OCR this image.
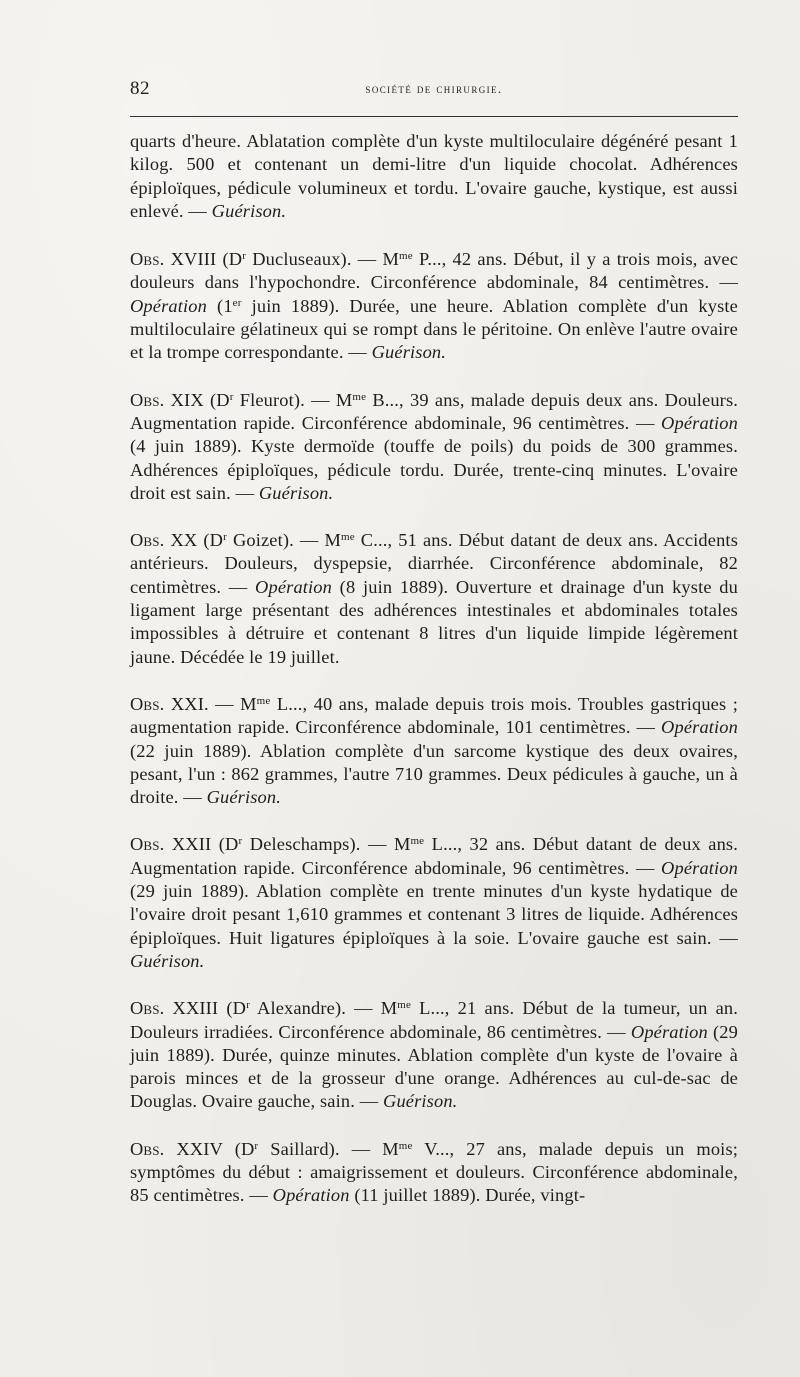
82	société de chirurgie.

quarts d'heure. Ablatation complète d'un kyste multiloculaire dégénéré pesant 1 kilog. 500 et contenant un demi-litre d'un liquide chocolat. Adhérences épiploïques, pédicule volumineux et tordu. L'ovaire gauche, kystique, est aussi enlevé. — Guérison.

Obs. XVIII ($D^r$ Ducluseaux). — $M^{me}$ P..., 42 ans. Début, il y a trois mois, avec douleurs dans l'hypochondre. Circonférence abdominale, 84 centimètres. — Opération (1er juin 1889). Durée, une heure. Ablation complète d'un kyste multiloculaire gélatineux qui se rompt dans le péritoine. On enlève l'autre ovaire et la trompe correspondante. — Guérison.

Obs. XIX ($D^r$ Fleurot). — $M^{me}$ B..., 39 ans, malade depuis deux ans. Douleurs. Augmentation rapide. Circonférence abdominale, 96 centimètres. — Opération (4 juin 1889). Kyste dermoïde (touffe de poils) du poids de 300 grammes. Adhérences épiploïques, pédicule tordu. Durée, trente-cinq minutes. L'ovaire droit est sain. — Guérison.

Obs. XX ($D^r$ Goizet). — $M^{me}$ C..., 51 ans. Début datant de deux ans. Accidents antérieurs. Douleurs, dyspepsie, diarrhée. Circonférence abdominale, 82 centimètres. — Opération (8 juin 1889). Ouverture et drainage d'un kyste du ligament large présentant des adhérences intestinales et abdominales totales impossibles à détruire et contenant 8 litres d'un liquide limpide légèrement jaune. Décédée le 19 juillet.

Obs. XXI. — $M^{me}$ L..., 40 ans, malade depuis trois mois. Troubles gastriques ; augmentation rapide. Circonférence abdominale, 101 centimètres. — Opération (22 juin 1889). Ablation complète d'un sarcome kystique des deux ovaires, pesant, l'un : 862 grammes, l'autre 710 grammes. Deux pédicules à gauche, un à droite. — Guérison.

Obs. XXII ($D^r$ Deleschamps). — $M^{me}$ L..., 32 ans. Début datant de deux ans. Augmentation rapide. Circonférence abdominale, 96 centimètres. — Opération (29 juin 1889). Ablation complète en trente minutes d'un kyste hydatique de l'ovaire droit pesant 1,610 grammes et contenant 3 litres de liquide. Adhérences épiploïques. Huit ligatures épiploïques à la soie. L'ovaire gauche est sain. — Guérison.

Obs. XXIII ($D^r$ Alexandre). — $M^{me}$ L..., 21 ans. Début de la tumeur, un an. Douleurs irradiées. Circonférence abdominale, 86 centimètres. — Opération (29 juin 1889). Durée, quinze minutes. Ablation complète d'un kyste de l'ovaire à parois minces et de la grosseur d'une orange. Adhérences au cul-de-sac de Douglas. Ovaire gauche, sain. — Guérison.

Obs. XXIV ($D^r$ Saillard). — $M^{me}$ V..., 27 ans, malade depuis un mois; symptômes du début : amaigrissement et douleurs. Circonférence abdominale, 85 centimètres. — Opération (11 juillet 1889). Durée, vingt-
